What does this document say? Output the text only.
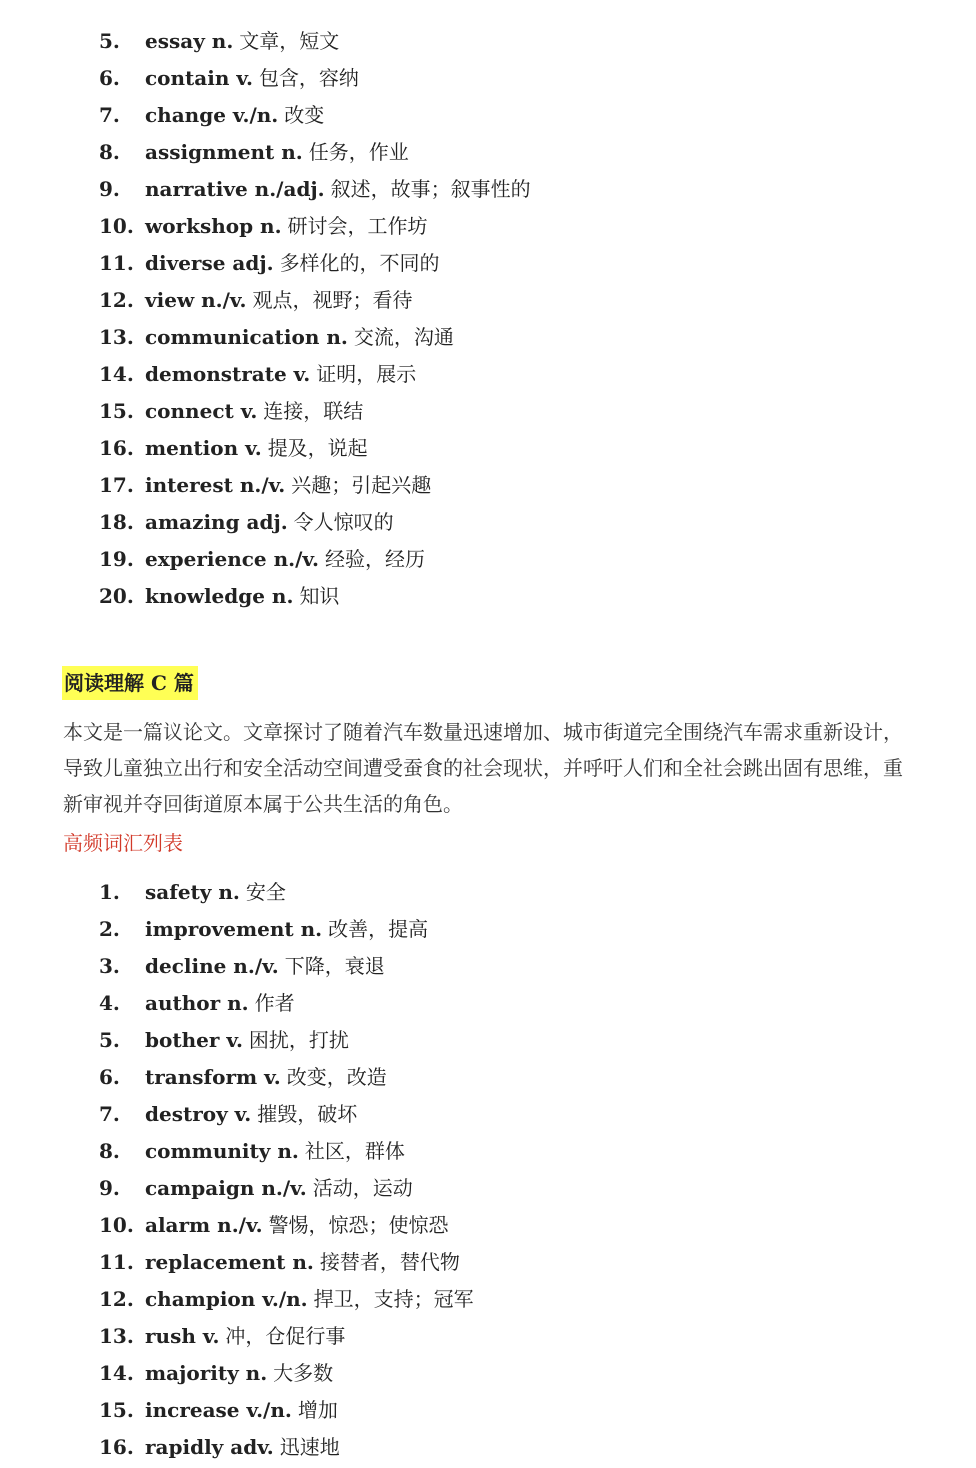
5. essay n. 文章，短文
6. contain v. 包含，容纳
7. change v./n. 改变
8. assignment n. 任务，作业
9. narrative n./adj. 叙述，故事；叙事性的
10. workshop n. 研讨会，工作坊
11. diverse adj. 多样化的，不同的
12. view n./v. 观点，视野；看待
13. communication n. 交流，沟通
14. demonstrate v. 证明，展示
15. connect v. 连接，联结
16. mention v. 提及，说起
17. interest n./v. 兴趣；引起兴趣
18. amazing adj. 令人惊叹的
19. experience n./v. 经验，经历
20. knowledge n. 知识
阅读理解 C 篇

本文是一篇议论文。文章探讨了随着汽车数量迅速增加、城市街道完全围绕汽车需求重新设计，导致儿童独立出行和安全活动空间遭受蚕食的社会现状，并呼吁人们和全社会跳出固有思维，重新审视并夺回街道原本属于公共生活的角色。

高频词汇列表
1. safety n. 安全
2. improvement n. 改善，提高
3. decline n./v. 下降，衰退
4. author n. 作者
5. bother v. 困扰，打扰
6. transform v. 改变，改造
7. destroy v. 摧毁，破坏
8. community n. 社区，群体
9. campaign n./v. 活动，运动
10. alarm n./v. 警惕，惊恐；使惊恐
11. replacement n. 接替者，替代物
12. champion v./n. 捍卫，支持；冠军
13. rush v. 冲，仓促行事
14. majority n. 大多数
15. increase v./n. 增加
16. rapidly adv. 迅速地
